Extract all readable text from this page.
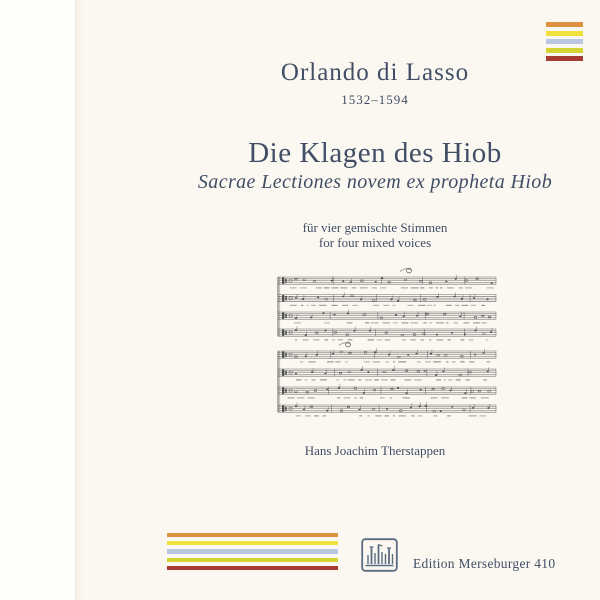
Orlando di Lasso
1532–1594
Die Klagen des Hiob
Sacrae Lectiones novem ex propheta Hiob
für vier gemischte Stimmen
for four mixed voices
Hans Joachim Therstappen
Edition Merseburger 410
